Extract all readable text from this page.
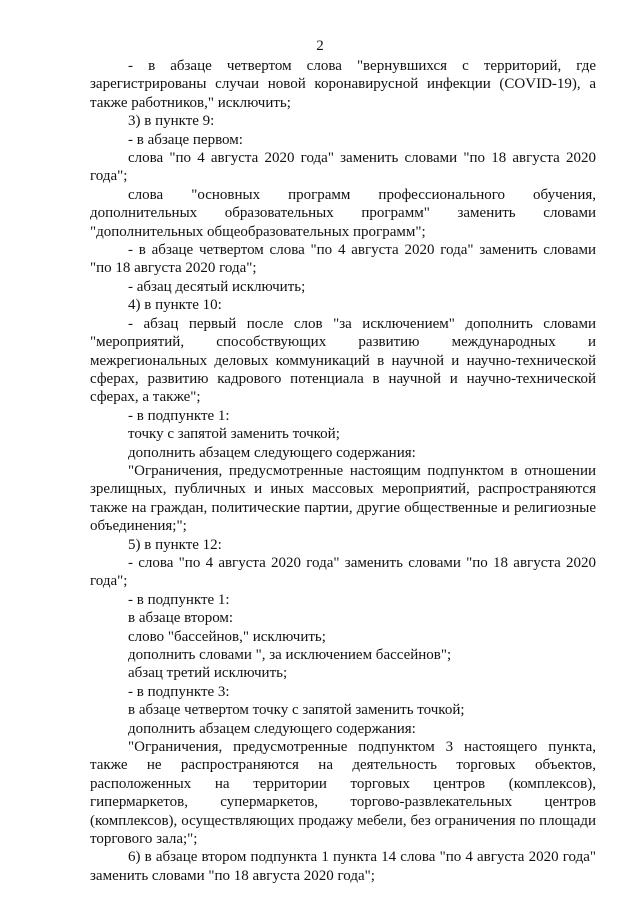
2

- в абзаце четвертом слова "вернувшихся с территорий, где зарегистрированы случаи новой коронавирусной инфекции (COVID-19), а также работников," исключить;

3) в пункте 9:

- в абзаце первом:

слова "по 4 августа 2020 года" заменить словами "по 18 августа 2020 года";

слова "основных программ профессионального обучения, дополнительных образовательных программ" заменить словами "дополнительных общеобразовательных программ";

- в абзаце четвертом слова "по 4 августа 2020 года" заменить словами "по 18 августа 2020 года";

- абзац десятый исключить;

4) в пункте 10:

- абзац первый после слов "за исключением" дополнить словами "мероприятий, способствующих развитию международных и межрегиональных деловых коммуникаций в научной и научно-технической сферах, развитию кадрового потенциала в научной и научно-технической сферах, а также";

- в подпункте 1:

точку с запятой заменить точкой;

дополнить абзацем следующего содержания:

"Ограничения, предусмотренные настоящим подпунктом в отношении зрелищных, публичных и иных массовых мероприятий, распространяются также на граждан, политические партии, другие общественные и религиозные объединения;";

5) в пункте 12:

- слова "по 4 августа 2020 года" заменить словами "по 18 августа 2020 года";

- в подпункте 1:

в абзаце втором:

слово "бассейнов," исключить;

дополнить словами ", за исключением бассейнов";

абзац третий исключить;

- в подпункте 3:

в абзаце четвертом точку с запятой заменить точкой;

дополнить абзацем следующего содержания:

"Ограничения, предусмотренные подпунктом 3 настоящего пункта, также не распространяются на деятельность торговых объектов, расположенных на территории торговых центров (комплексов), гипермаркетов, супермаркетов, торгово-развлекательных центров (комплексов), осуществляющих продажу мебели, без ограничения по площади торгового зала;";

6) в абзаце втором подпункта 1 пункта 14 слова "по 4 августа 2020 года" заменить словами "по 18 августа 2020 года";
